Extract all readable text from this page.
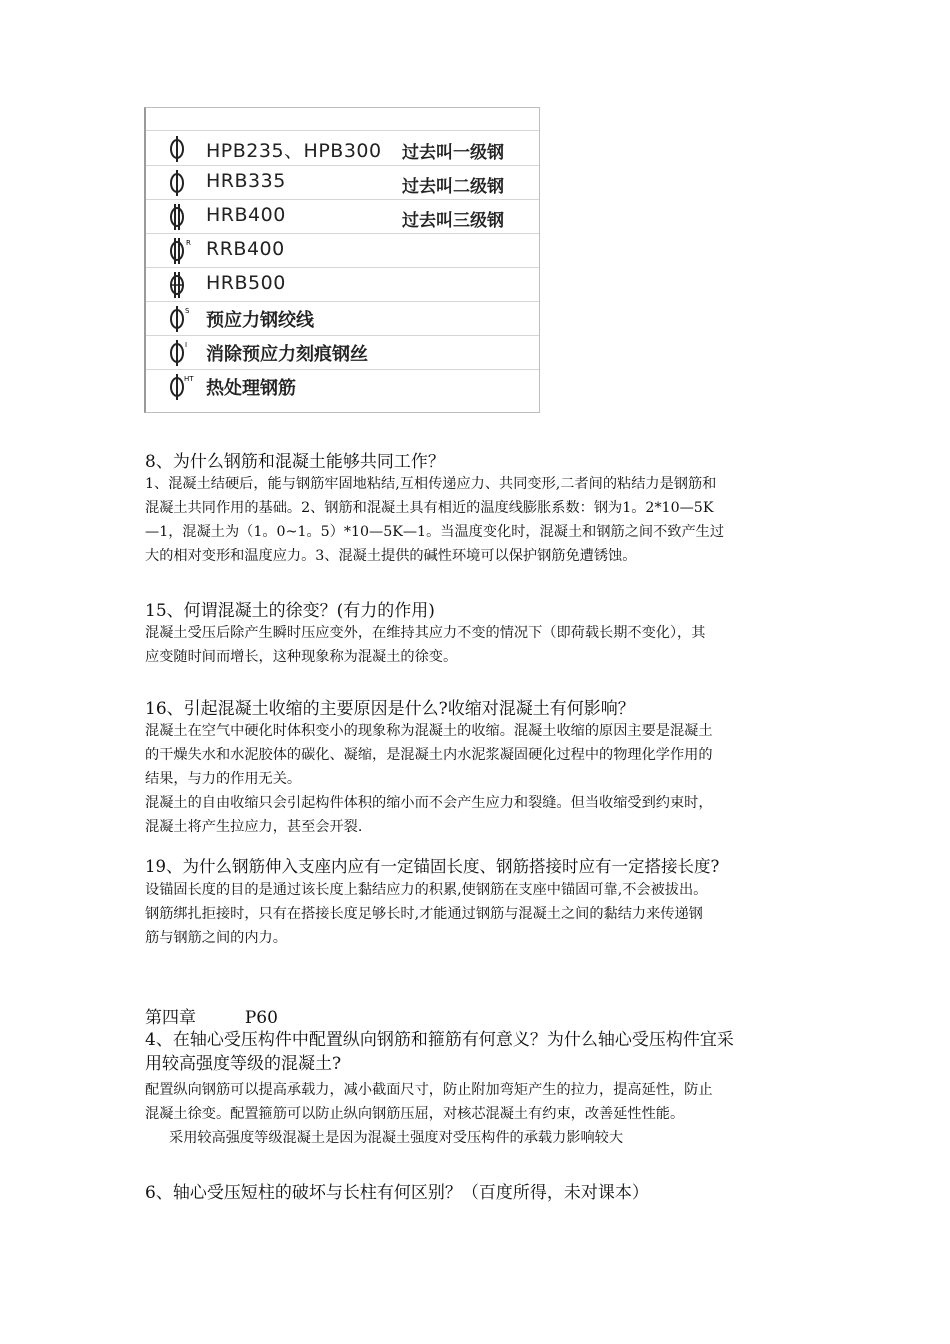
HPB235、HPB300 过去叫一级钢
HRB335	过去叫二级钢
HRB400	过去叫三级钢
R RRB400
HRB500
S 预应力钢绞线
I 消除预应力刻痕钢丝
HT 热处理钢筋
8、为什么钢筋和混凝土能够共同工作？
1、混凝土结硬后，能与钢筋牢固地粘结,互相传递应力、共同变形,二者间的粘结力是钢筋和
混凝土共同作用的基础。2、钢筋和混凝土具有相近的温度线膨胀系数：钢为1。2*10—5K
—1，混凝土为（1。0~1。5）*10—5K—1。当温度变化时，混凝土和钢筋之间不致产生过
大的相对变形和温度应力。3、混凝土提供的碱性环境可以保护钢筋免遭锈蚀。
15、何谓混凝土的徐变？(有力的作用)
混凝土受压后除产生瞬时压应变外，在维持其应力不变的情况下（即荷载长期不变化），其
应变随时间而增长，这种现象称为混凝土的徐变。
16、引起混凝土收缩的主要原因是什么?收缩对混凝土有何影响？
混凝土在空气中硬化时体积变小的现象称为混凝土的收缩。混凝土收缩的原因主要是混凝土
的干燥失水和水泥胶体的碳化、凝缩，是混凝土内水泥浆凝固硬化过程中的物理化学作用的
结果，与力的作用无关。
混凝土的自由收缩只会引起构件体积的缩小而不会产生应力和裂缝。但当收缩受到约束时，
混凝土将产生拉应力，甚至会开裂.
19、为什么钢筋伸入支座内应有一定锚固长度、钢筋搭接时应有一定搭接长度?
设锚固长度的目的是通过该长度上黏结应力的积累,使钢筋在支座中锚固可靠,不会被拔出。
钢筋绑扎拒接时，只有在搭接长度足够长时,才能通过钢筋与混凝土之间的黏结力来传递钢
筋与钢筋之间的内力。
第四章	P60
4、在轴心受压构件中配置纵向钢筋和箍筋有何意义？为什么轴心受压构件宜采
用较高强度等级的混凝土?
配置纵向钢筋可以提高承载力，减小截面尺寸，防止附加弯矩产生的拉力，提高延性，防止
混凝土徐变。配置箍筋可以防止纵向钢筋压屈，对核芯混凝土有约束，改善延性性能。
采用较高强度等级混凝土是因为混凝土强度对受压构件的承载力影响较大
6、轴心受压短柱的破坏与长柱有何区别？（百度所得，未对课本）
